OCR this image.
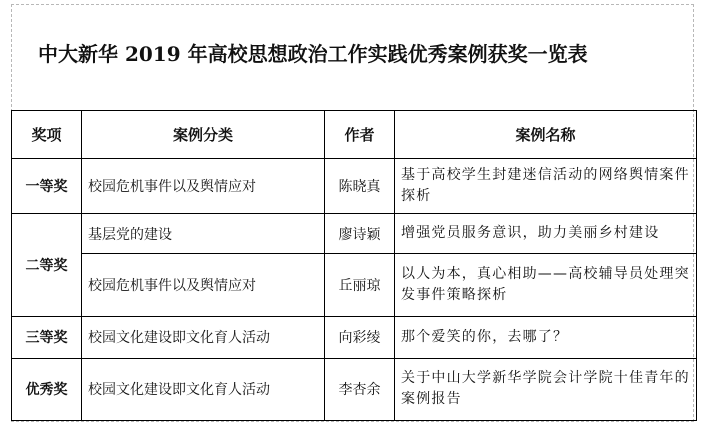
中大新华 2019 年高校思想政治工作实践优秀案例获奖一览表
奖项	案例分类	作者	案例名称
一等奖	校园危机事件以及舆情应对	陈晓真	基于高校学生封建迷信活动的网络舆情案件探析
二等奖	基层党的建设	廖诗颖	增强党员服务意识，助力美丽乡村建设
	校园危机事件以及舆情应对	丘丽琼	以人为本，真心相助——高校辅导员处理突发事件策略探析
三等奖	校园文化建设即文化育人活动	向彩绫	那个爱笑的你，去哪了？
优秀奖	校园文化建设即文化育人活动	李杏余	关于中山大学新华学院会计学院十佳青年的案例报告
